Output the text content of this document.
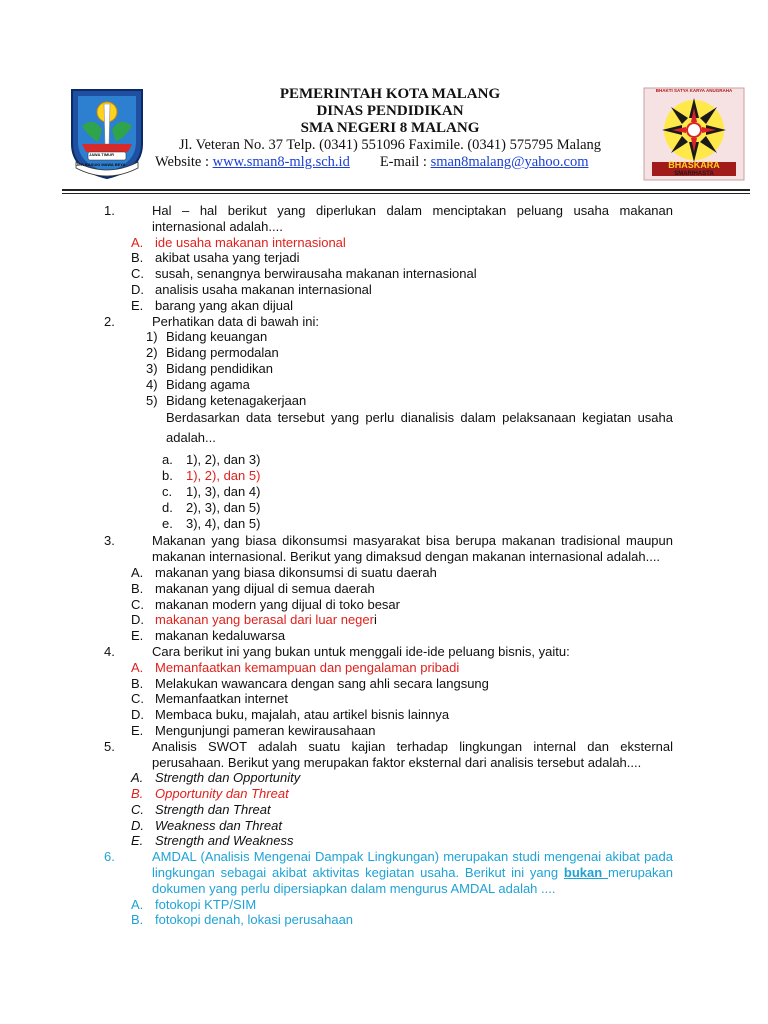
JAWA TIMUR
JER BASUKI MAWA BEYA
PEMERINTAH KOTA MALANG
DINAS PENDIDIKAN
SMA NEGERI 8 MALANG
Jl. Veteran No. 37 Telp. (0341) 551096 Faximile. (0341) 575795 Malang
Website : www.sman8-mlg.sch.id E-mail : sman8malang@yahoo.com
BHAKTI SATYA KARYA ANUGRAHA
BHASKARA
SMARIHASTA
1.	Hal – hal berikut yang diperlukan dalam menciptakan peluang usaha makanan internasional adalah....
A. ide usaha makanan internasional
B. akibat usaha yang terjadi
C. susah, senangnya berwirausaha makanan internasional
D. analisis usaha makanan internasional
E. barang yang akan dijual
2.	Perhatikan data di bawah ini:
1) Bidang keuangan
2) Bidang permodalan
3) Bidang pendidikan
4) Bidang agama
5) Bidang ketenagakerjaan
Berdasarkan data tersebut yang perlu dianalisis dalam pelaksanaan kegiatan usaha adalah...
a. 1), 2), dan 3)
b. 1), 2), dan 5)
c. 1), 3), dan 4)
d. 2), 3), dan 5)
e. 3), 4), dan 5)
3.	Makanan yang biasa dikonsumsi masyarakat bisa berupa makanan tradisional maupun makanan internasional. Berikut yang dimaksud dengan makanan internasional adalah....
A. makanan yang biasa dikonsumsi di suatu daerah
B. makanan yang dijual di semua daerah
C. makanan modern yang dijual di toko besar
D. makanan yang berasal dari luar negeri
E. makanan kedaluwarsa
4.	Cara berikut ini yang bukan untuk menggali ide-ide peluang bisnis, yaitu:
A. Memanfaatkan kemampuan dan pengalaman pribadi
B. Melakukan wawancara dengan sang ahli secara langsung
C. Memanfaatkan internet
D. Membaca buku, majalah, atau artikel bisnis lainnya
E. Mengunjungi pameran kewirausahaan
5.	Analisis SWOT adalah suatu kajian terhadap lingkungan internal dan eksternal perusahaan. Berikut yang merupakan faktor eksternal dari analisis tersebut adalah....
A. Strength dan Opportunity
B. Opportunity dan Threat
C. Strength dan Threat
D. Weakness dan Threat
E. Strength and Weakness
6.	AMDAL (Analisis Mengenai Dampak Lingkungan) merupakan studi mengenai akibat pada lingkungan sebagai akibat aktivitas kegiatan usaha. Berikut ini yang bukan merupakan dokumen yang perlu dipersiapkan dalam mengurus AMDAL adalah ....
A. fotokopi KTP/SIM
B. fotokopi denah, lokasi perusahaan
